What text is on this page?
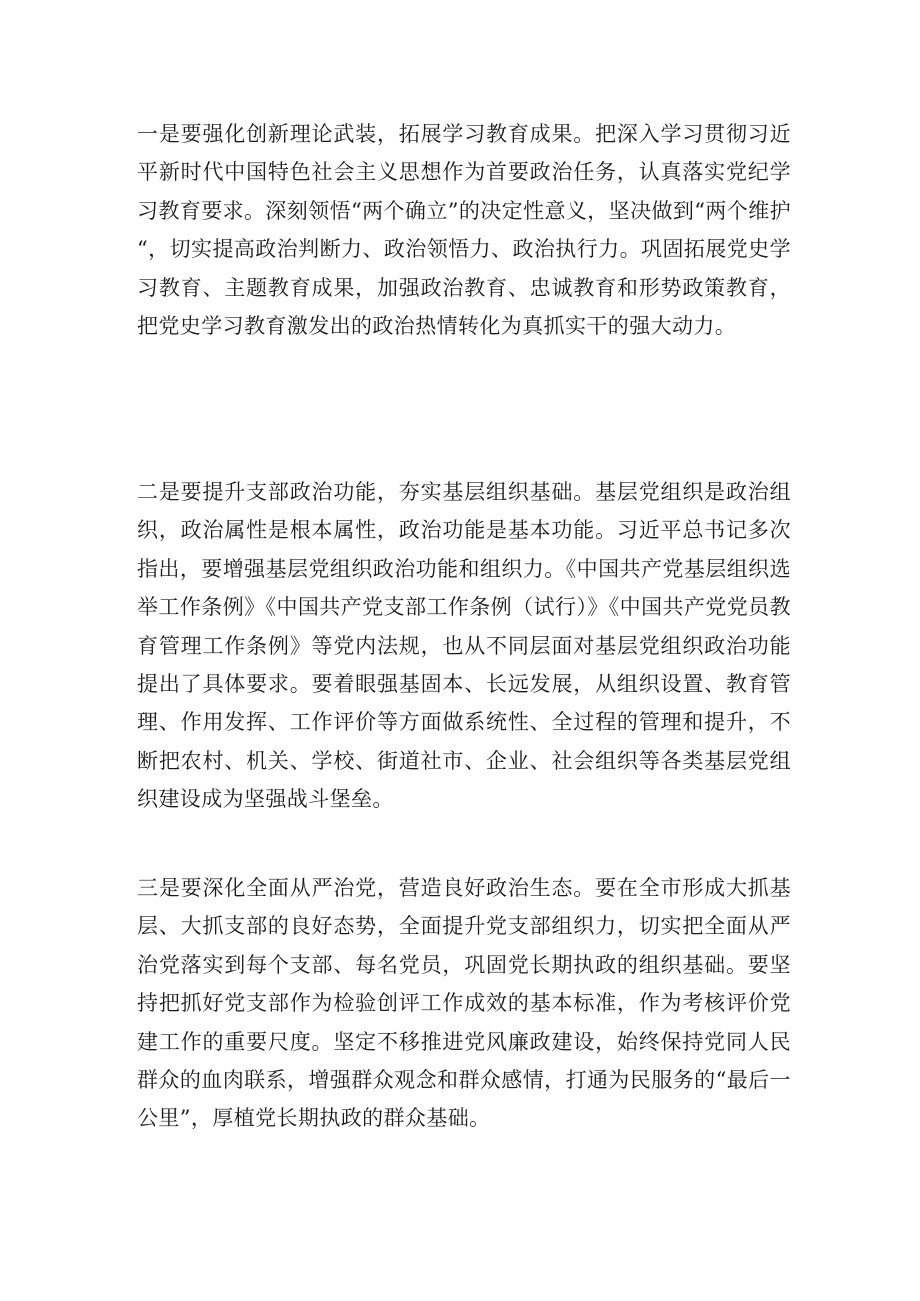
一是要强化创新理论武装，拓展学习教育成果。把深入学习贯彻习近平新时代中国特色社会主义思想作为首要政治任务，认真落实党纪学习教育要求。深刻领悟“两个确立”的决定性意义，坚决做到“两个维护“，切实提高政治判断力、政治领悟力、政治执行力。巩固拓展党史学习教育、主题教育成果，加强政治教育、忠诚教育和形势政策教育，把党史学习教育激发出的政治热情转化为真抓实干的强大动力。

二是要提升支部政治功能，夯实基层组织基础。基层党组织是政治组织，政治属性是根本属性，政治功能是基本功能。习近平总书记多次指出，要增强基层党组织政治功能和组织力。《中国共产党基层组织选举工作条例》《中国共产党支部工作条例（试行）》《中国共产党党员教育管理工作条例》等党内法规，也从不同层面对基层党组织政治功能提出了具体要求。要着眼强基固本、长远发展，从组织设置、教育管理、作用发挥、工作评价等方面做系统性、全过程的管理和提升，不断把农村、机关、学校、街道社市、企业、社会组织等各类基层党组织建设成为坚强战斗堡垒。

三是要深化全面从严治党，营造良好政治生态。要在全市形成大抓基层、大抓支部的良好态势，全面提升党支部组织力，切实把全面从严治党落实到每个支部、每名党员，巩固党长期执政的组织基础。要坚持把抓好党支部作为检验创评工作成效的基本标准，作为考核评价党建工作的重要尺度。坚定不移推进党风廉政建设，始终保持党同人民群众的血肉联系，增强群众观念和群众感情，打通为民服务的“最后一公里”，厚植党长期执政的群众基础。
